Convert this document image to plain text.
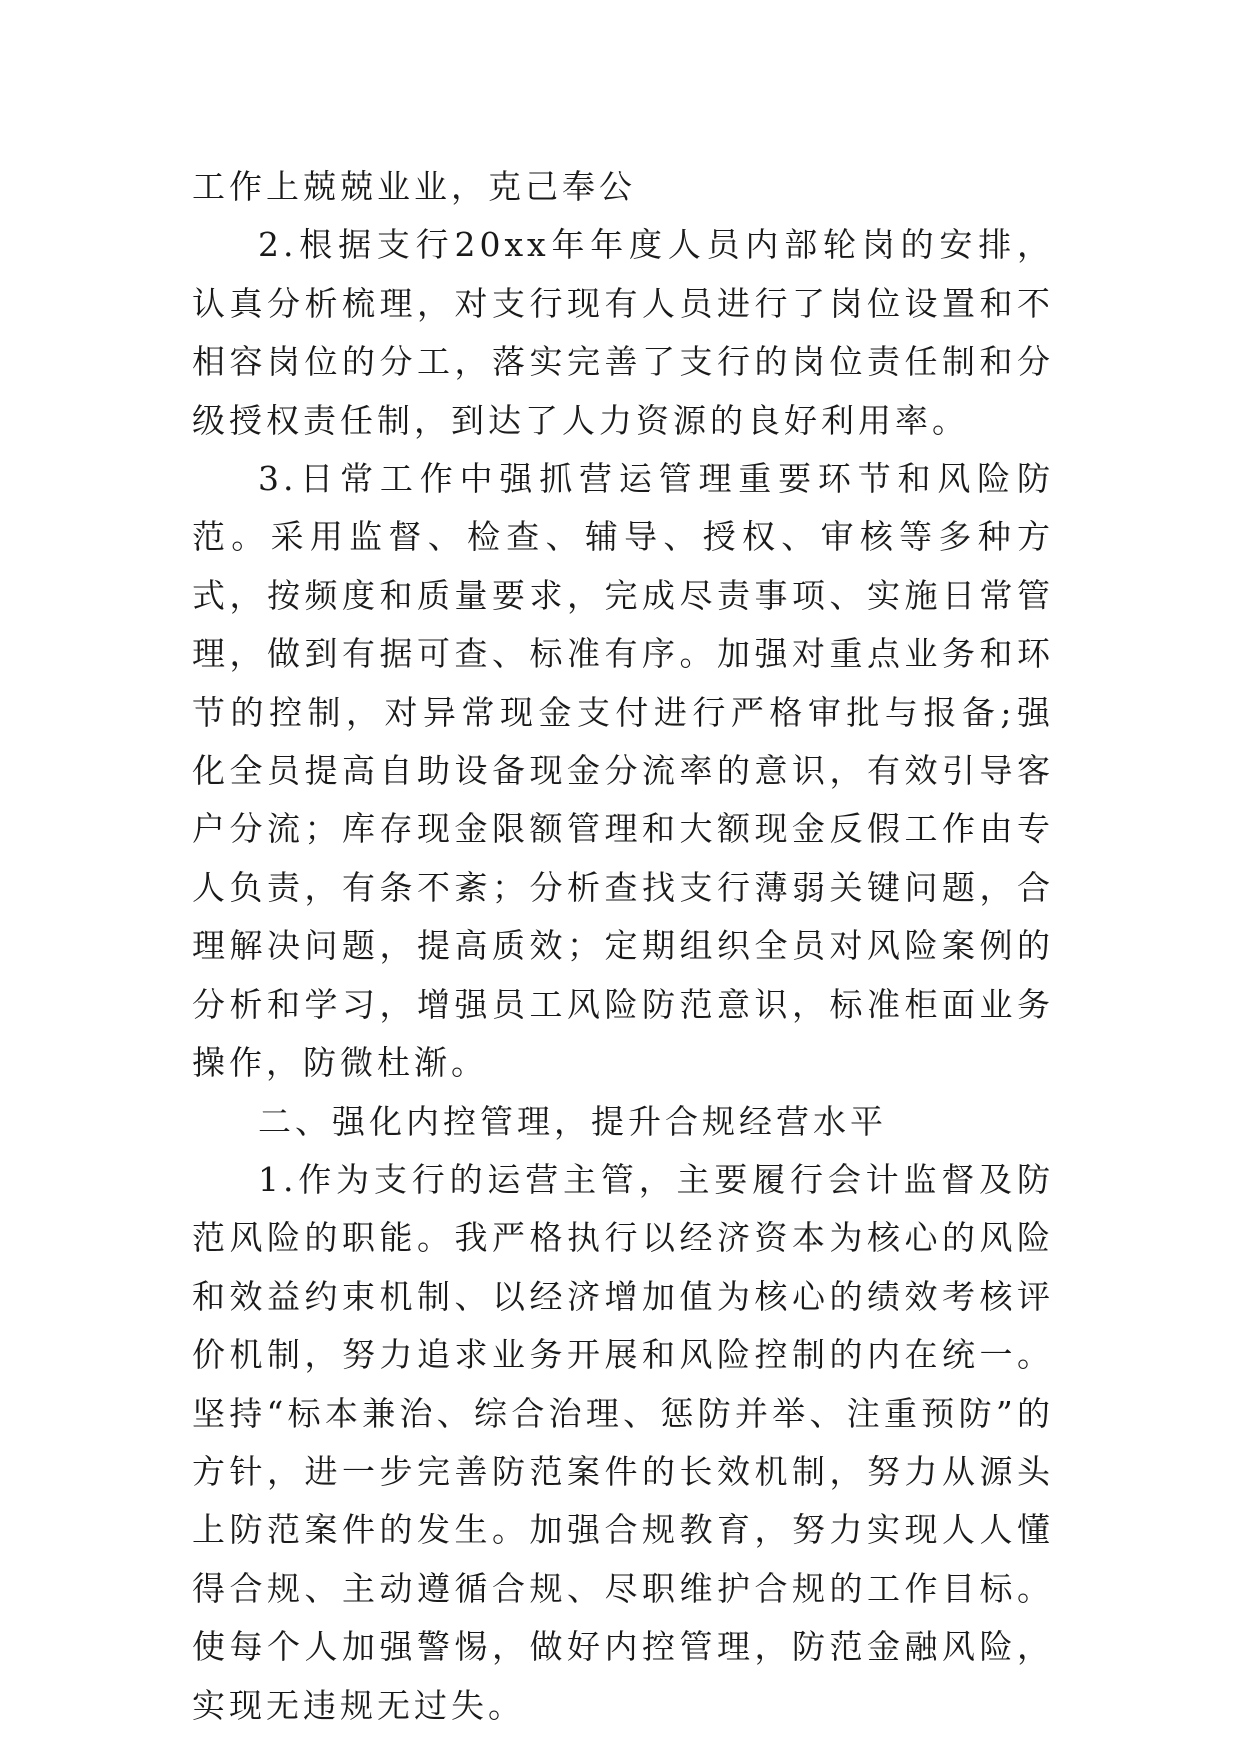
工作上兢兢业业，克己奉公

2.根据支行20xx年年度人员内部轮岗的安排，认真分析梳理，对支行现有人员进行了岗位设置和不相容岗位的分工，落实完善了支行的岗位责任制和分级授权责任制，到达了人力资源的良好利用率。

3.日常工作中强抓营运管理重要环节和风险防范。采用监督、检查、辅导、授权、审核等多种方式，按频度和质量要求，完成尽责事项、实施日常管理，做到有据可查、标准有序。加强对重点业务和环节的控制，对异常现金支付进行严格审批与报备;强化全员提高自助设备现金分流率的意识，有效引导客户分流；库存现金限额管理和大额现金反假工作由专人负责，有条不紊；分析查找支行薄弱关键问题，合理解决问题，提高质效；定期组织全员对风险案例的分析和学习，增强员工风险防范意识，标准柜面业务操作，防微杜渐。

二、强化内控管理，提升合规经营水平

1.作为支行的运营主管，主要履行会计监督及防范风险的职能。我严格执行以经济资本为核心的风险和效益约束机制、以经济增加值为核心的绩效考核评价机制，努力追求业务开展和风险控制的内在统一。坚持“标本兼治、综合治理、惩防并举、注重预防”的方针，进一步完善防范案件的长效机制，努力从源头上防范案件的发生。加强合规教育，努力实现人人懂得合规、主动遵循合规、尽职维护合规的工作目标。使每个人加强警惕，做好内控管理，防范金融风险，实现无违规无过失。
